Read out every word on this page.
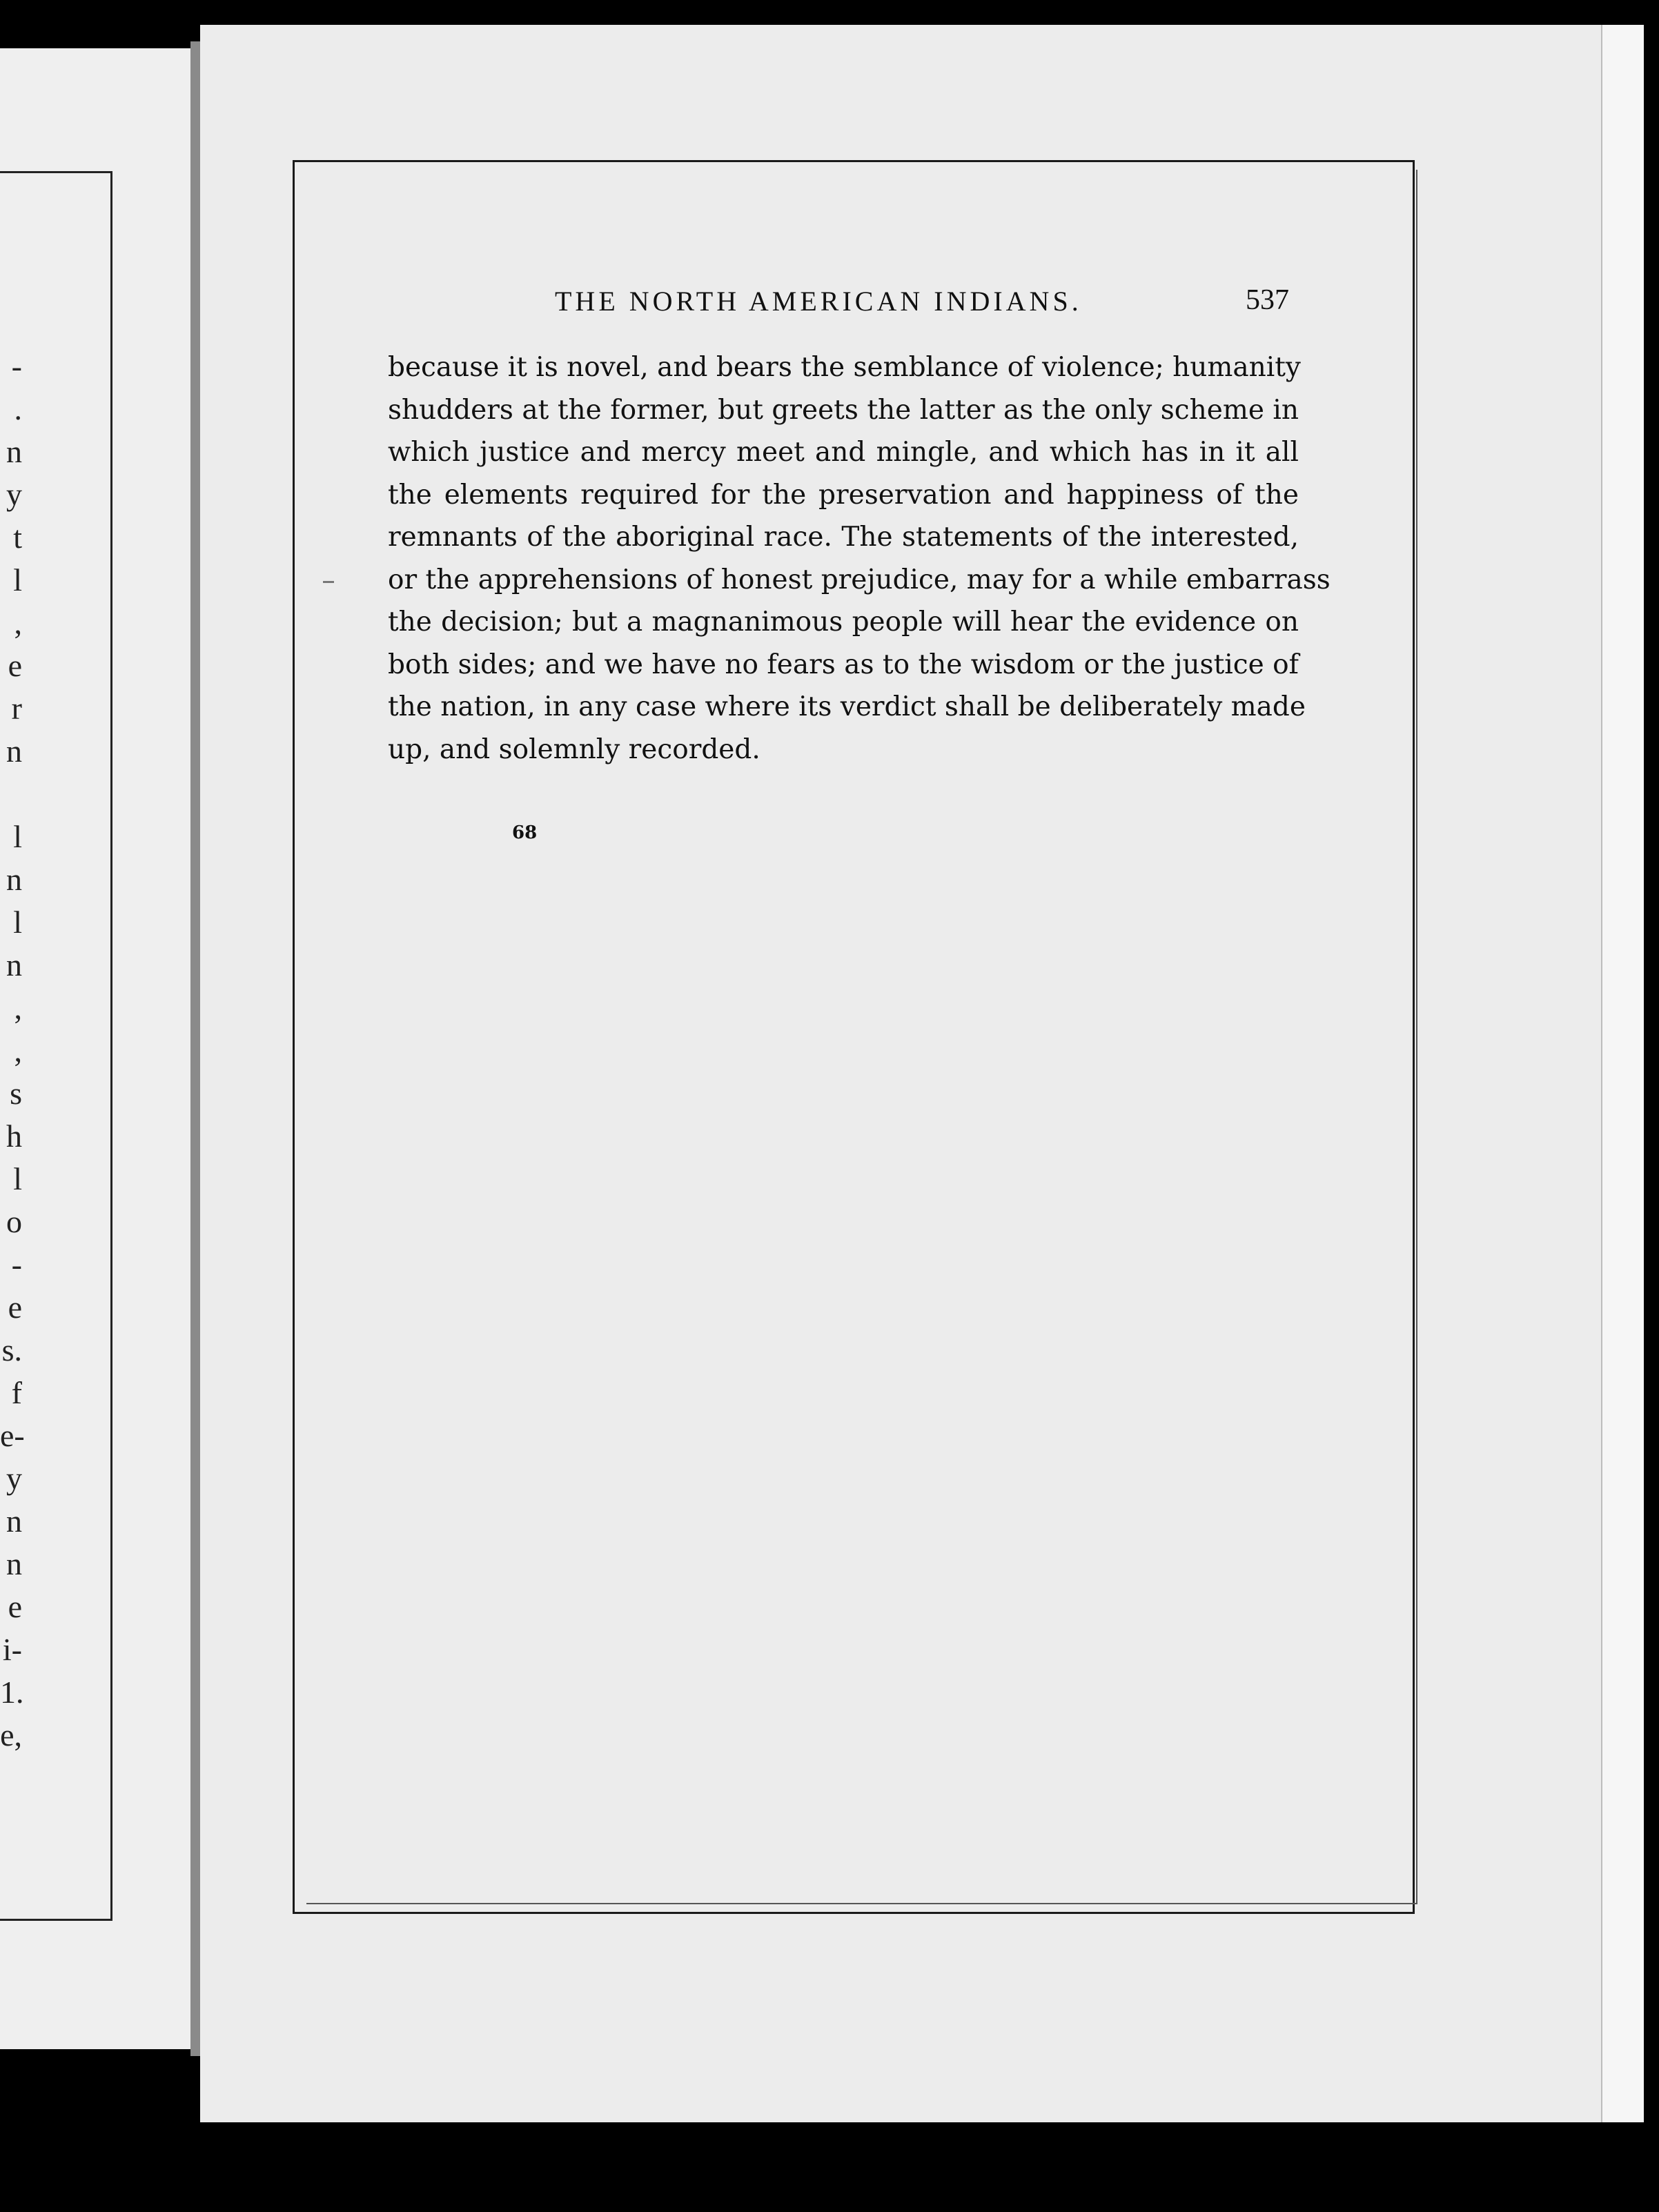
-
.
n
y
t
l
,
e
r
n

l
n
l
n
,
,
s
h
l
o
-
e
s.
f
e-
y
n
n
e
i-
1.
e,
THE NORTH AMERICAN INDIANS.	537
because it is novel, and bears the semblance of violence; humanity
shudders at the former, but greets the latter as the only scheme in
which justice and mercy meet and mingle, and which has in it all
the elements required for the preservation and happiness of the
remnants of the aboriginal race. The statements of the interested,
or the apprehensions of honest prejudice, may for a while embarrass
the decision; but a magnanimous people will hear the evidence on
both sides; and we have no fears as to the wisdom or the justice of
the nation, in any case where its verdict shall be deliberately made
up, and solemnly recorded.
68
